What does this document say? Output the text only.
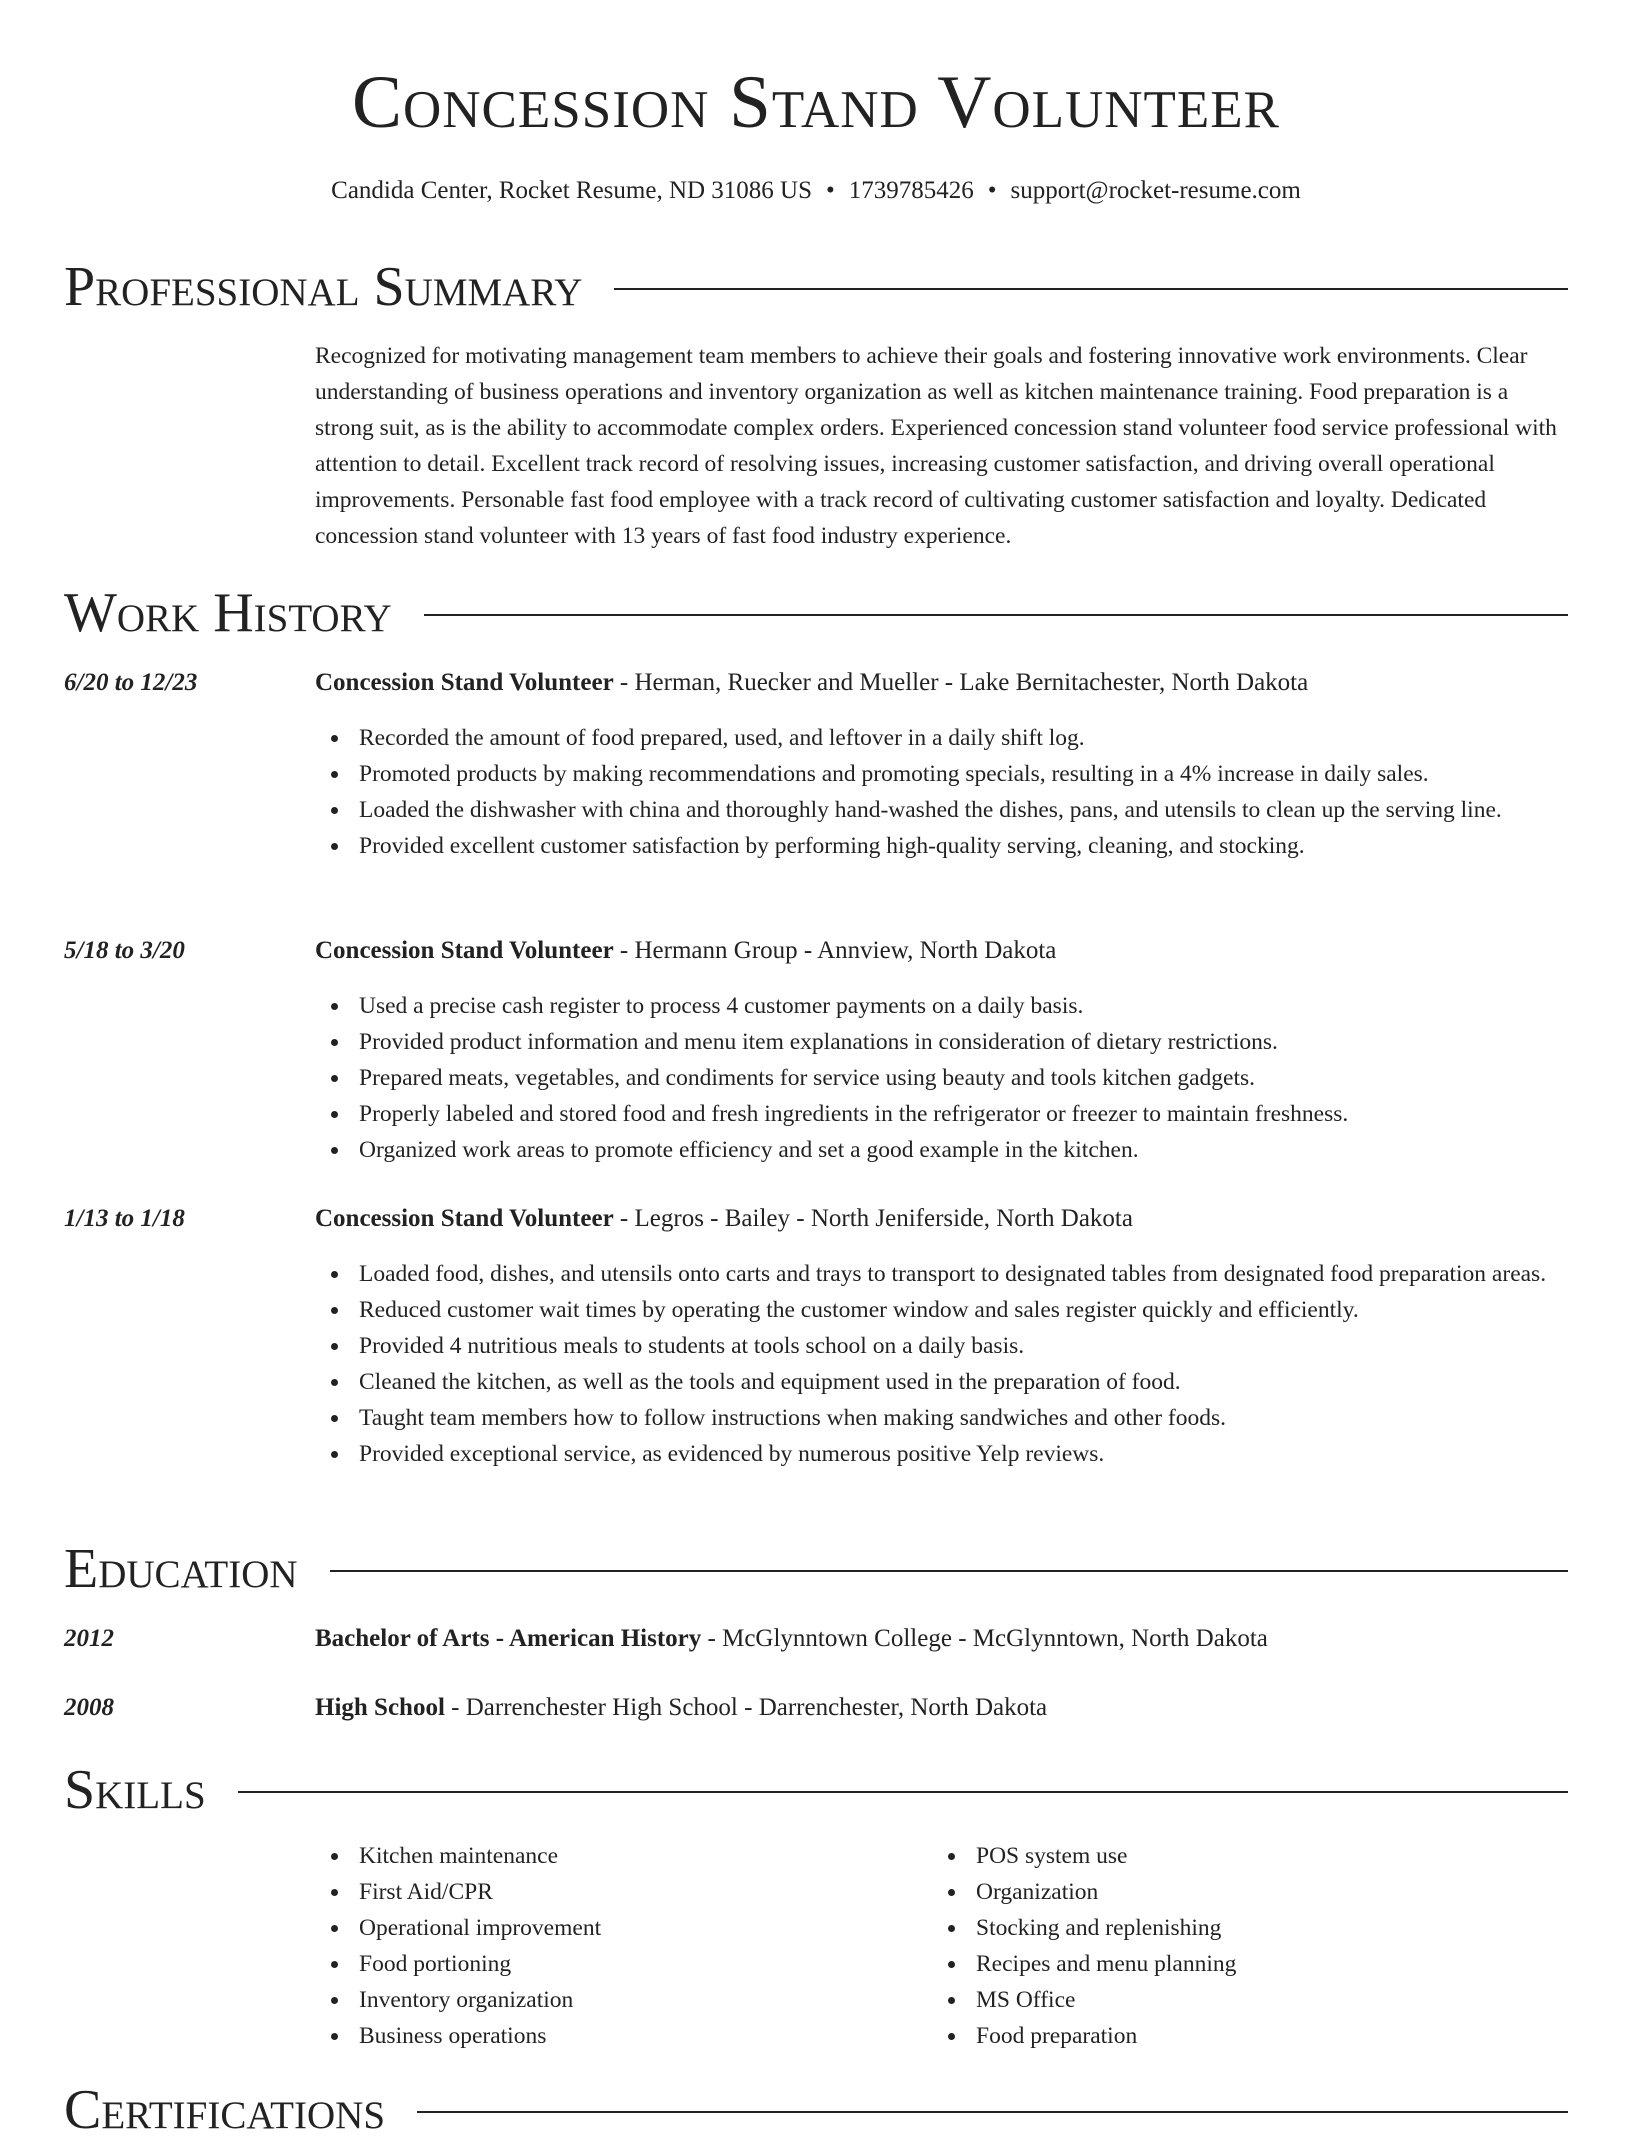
Concession Stand Volunteer
Candida Center, Rocket Resume, ND 31086 US • 1739785426 • support@rocket-resume.com
Professional Summary
Recognized for motivating management team members to achieve their goals and fostering innovative work environments. Clear understanding of business operations and inventory organization as well as kitchen maintenance training. Food preparation is a strong suit, as is the ability to accommodate complex orders. Experienced concession stand volunteer food service professional with attention to detail. Excellent track record of resolving issues, increasing customer satisfaction, and driving overall operational improvements. Personable fast food employee with a track record of cultivating customer satisfaction and loyalty. Dedicated concession stand volunteer with 13 years of fast food industry experience.
Work History
6/20 to 12/23	Concession Stand Volunteer - Herman, Ruecker and Mueller - Lake Bernitachester, North Dakota
Recorded the amount of food prepared, used, and leftover in a daily shift log.
Promoted products by making recommendations and promoting specials, resulting in a 4% increase in daily sales.
Loaded the dishwasher with china and thoroughly hand-washed the dishes, pans, and utensils to clean up the serving line.
Provided excellent customer satisfaction by performing high-quality serving, cleaning, and stocking.
5/18 to 3/20	Concession Stand Volunteer - Hermann Group - Annview, North Dakota
Used a precise cash register to process 4 customer payments on a daily basis.
Provided product information and menu item explanations in consideration of dietary restrictions.
Prepared meats, vegetables, and condiments for service using beauty and tools kitchen gadgets.
Properly labeled and stored food and fresh ingredients in the refrigerator or freezer to maintain freshness.
Organized work areas to promote efficiency and set a good example in the kitchen.
1/13 to 1/18	Concession Stand Volunteer - Legros - Bailey - North Jeniferside, North Dakota
Loaded food, dishes, and utensils onto carts and trays to transport to designated tables from designated food preparation areas.
Reduced customer wait times by operating the customer window and sales register quickly and efficiently.
Provided 4 nutritious meals to students at tools school on a daily basis.
Cleaned the kitchen, as well as the tools and equipment used in the preparation of food.
Taught team members how to follow instructions when making sandwiches and other foods.
Provided exceptional service, as evidenced by numerous positive Yelp reviews.
Education
2012	Bachelor of Arts - American History - McGlynntown College - McGlynntown, North Dakota
2008	High School - Darrenchester High School - Darrenchester, North Dakota
Skills
Kitchen maintenance
First Aid/CPR
Operational improvement
Food portioning
Inventory organization
Business operations
POS system use
Organization
Stocking and replenishing
Recipes and menu planning
MS Office
Food preparation
Certifications
